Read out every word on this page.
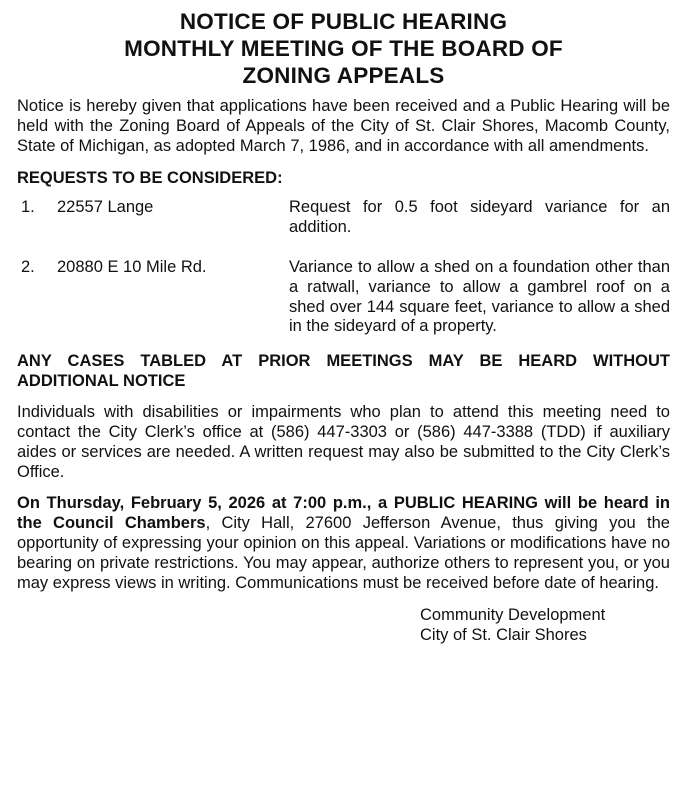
NOTICE OF PUBLIC HEARING
MONTHLY MEETING OF THE BOARD OF
ZONING APPEALS

Notice is hereby given that applications have been received and a Public Hearing will be held with the Zoning Board of Appeals of the City of St. Clair Shores, Macomb County, State of Michigan, as adopted March 7, 1986, and in accordance with all amendments.

REQUESTS TO BE CONSIDERED:
1.	22557 Lange	Request for 0.5 foot sideyard variance for an addition.
2.	20880 E 10 Mile Rd.	Variance to allow a shed on a foundation other than a ratwall, variance to allow a gambrel roof on a shed over 144 square feet, variance to allow a shed in the sideyard of a property.

ANY CASES TABLED AT PRIOR MEETINGS MAY BE HEARD WITHOUT ADDITIONAL NOTICE

Individuals with disabilities or impairments who plan to attend this meeting need to contact the City Clerk’s office at (586) 447-3303 or (586) 447-3388 (TDD) if auxiliary aides or services are needed. A written request may also be submitted to the City Clerk’s Office.

On Thursday, February 5, 2026 at 7:00 p.m., a PUBLIC HEARING will be heard in the Council Chambers, City Hall, 27600 Jefferson Avenue, thus giving you the opportunity of expressing your opinion on this appeal. Variations or modifications have no bearing on private restrictions. You may appear, authorize others to represent you, or you may express views in writing. Communications must be received before date of hearing.

Community Development
City of St. Clair Shores
